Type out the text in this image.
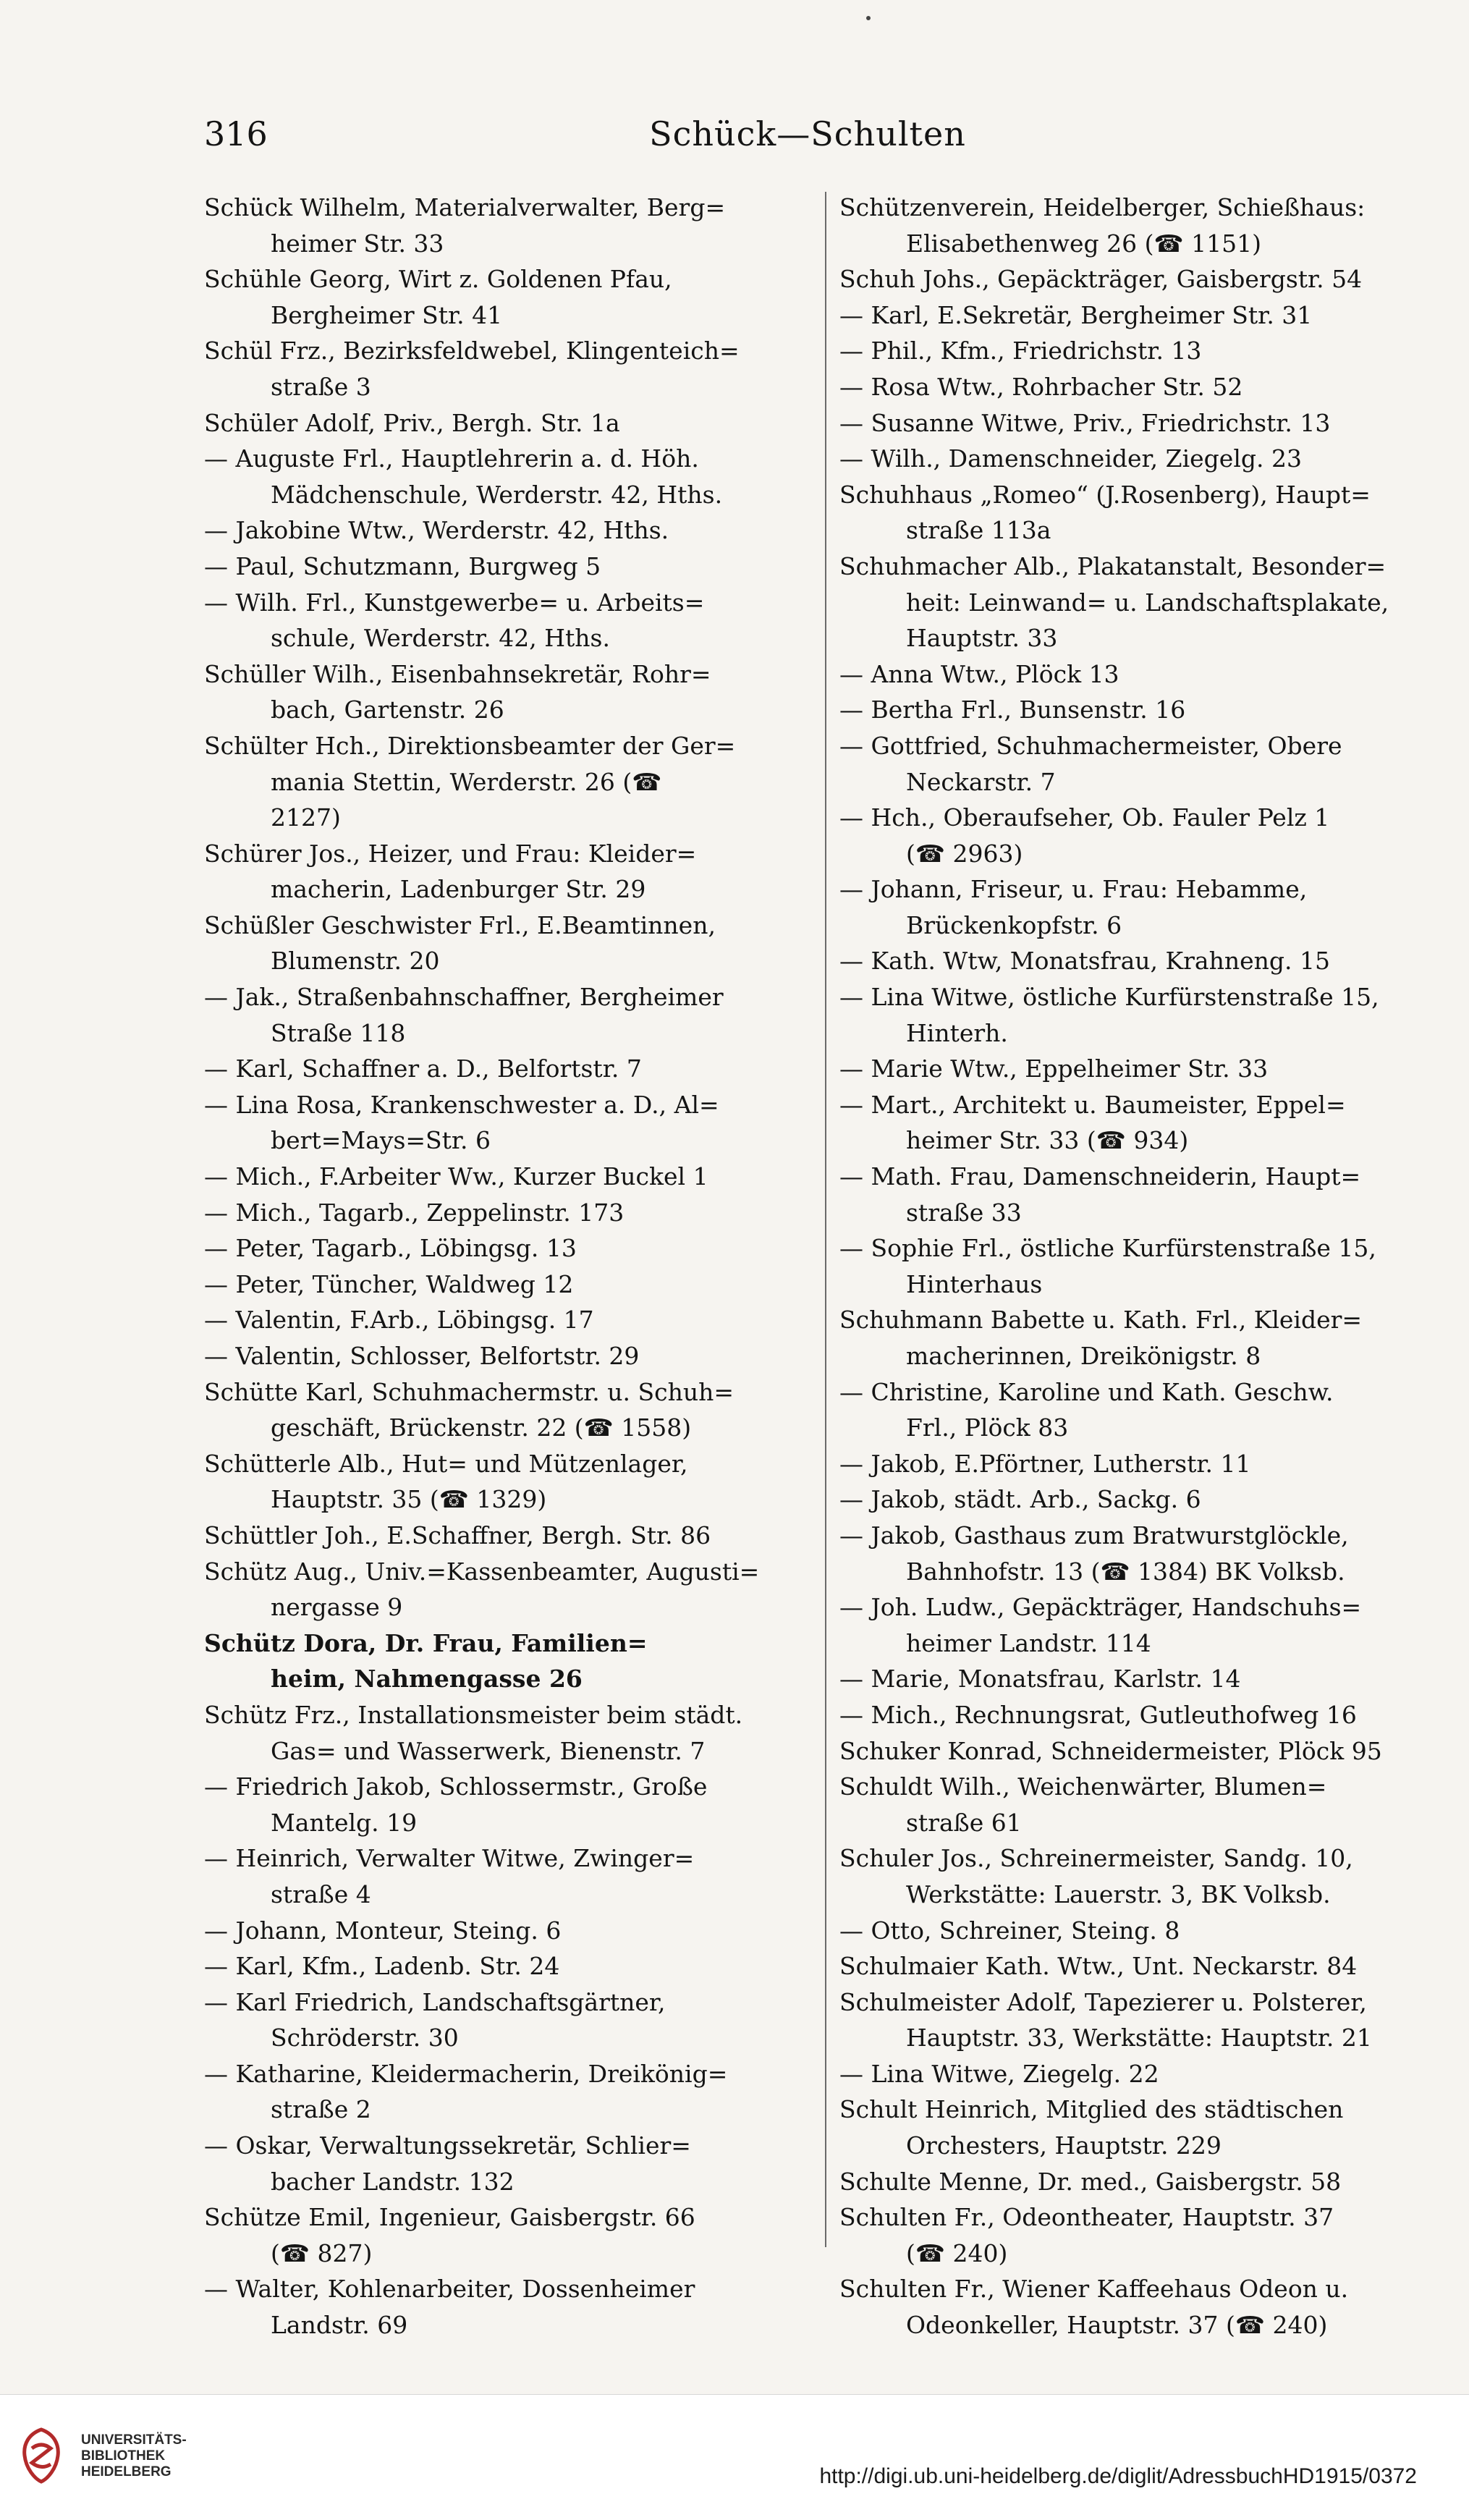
316	Schück—Schulten
Schück Wilhelm, Materialverwalter, Berg=
heimer Str. 33
Schühle Georg, Wirt z. Goldenen Pfau,
Bergheimer Str. 41
Schül Frz., Bezirksfeldwebel, Klingenteich=
straße 3
Schüler Adolf, Priv., Bergh. Str. 1a
— Auguste Frl., Hauptlehrerin a. d. Höh.
Mädchenschule, Werderstr. 42, Hths.
— Jakobine Wtw., Werderstr. 42, Hths.
— Paul, Schutzmann, Burgweg 5
— Wilh. Frl., Kunstgewerbe= u. Arbeits=
schule, Werderstr. 42, Hths.
Schüller Wilh., Eisenbahnsekretär, Rohr=
bach, Gartenstr. 26
Schülter Hch., Direktionsbeamter der Ger=
mania Stettin, Werderstr. 26 (☎
2127)
Schürer Jos., Heizer, und Frau: Kleider=
macherin, Ladenburger Str. 29
Schüßler Geschwister Frl., E.Beamtinnen,
Blumenstr. 20
— Jak., Straßenbahnschaffner, Bergheimer
Straße 118
— Karl, Schaffner a. D., Belfortstr. 7
— Lina Rosa, Krankenschwester a. D., Al=
bert=Mays=Str. 6
— Mich., F.Arbeiter Ww., Kurzer Buckel 1
— Mich., Tagarb., Zeppelinstr. 173
— Peter, Tagarb., Löbingsg. 13
— Peter, Tüncher, Waldweg 12
— Valentin, F.Arb., Löbingsg. 17
— Valentin, Schlosser, Belfortstr. 29
Schütte Karl, Schuhmachermstr. u. Schuh=
geschäft, Brückenstr. 22 (☎ 1558)
Schütterle Alb., Hut= und Mützenlager,
Hauptstr. 35 (☎ 1329)
Schüttler Joh., E.Schaffner, Bergh. Str. 86
Schütz Aug., Univ.=Kassenbeamter, Augusti=
nergasse 9
Schütz Dora, Dr. Frau, Familien=
heim, Nahmengasse 26
Schütz Frz., Installationsmeister beim städt.
Gas= und Wasserwerk, Bienenstr. 7
— Friedrich Jakob, Schlossermstr., Große
Mantelg. 19
— Heinrich, Verwalter Witwe, Zwinger=
straße 4
— Johann, Monteur, Steing. 6
— Karl, Kfm., Ladenb. Str. 24
— Karl Friedrich, Landschaftsgärtner,
Schröderstr. 30
— Katharine, Kleidermacherin, Dreikönig=
straße 2
— Oskar, Verwaltungssekretär, Schlier=
bacher Landstr. 132
Schütze Emil, Ingenieur, Gaisbergstr. 66
(☎ 827)
— Walter, Kohlenarbeiter, Dossenheimer
Landstr. 69
Schützenverein, Heidelberger, Schießhaus:
Elisabethenweg 26 (☎ 1151)
Schuh Johs., Gepäckträger, Gaisbergstr. 54
— Karl, E.Sekretär, Bergheimer Str. 31
— Phil., Kfm., Friedrichstr. 13
— Rosa Wtw., Rohrbacher Str. 52
— Susanne Witwe, Priv., Friedrichstr. 13
— Wilh., Damenschneider, Ziegelg. 23
Schuhhaus „Romeo“ (J.Rosenberg), Haupt=
straße 113a
Schuhmacher Alb., Plakatanstalt, Besonder=
heit: Leinwand= u. Landschaftsplakate,
Hauptstr. 33
— Anna Wtw., Plöck 13
— Bertha Frl., Bunsenstr. 16
— Gottfried, Schuhmachermeister, Obere
Neckarstr. 7
— Hch., Oberaufseher, Ob. Fauler Pelz 1
(☎ 2963)
— Johann, Friseur, u. Frau: Hebamme,
Brückenkopfstr. 6
— Kath. Wtw, Monatsfrau, Krahneng. 15
— Lina Witwe, östliche Kurfürstenstraße 15,
Hinterh.
— Marie Wtw., Eppelheimer Str. 33
— Mart., Architekt u. Baumeister, Eppel=
heimer Str. 33 (☎ 934)
— Math. Frau, Damenschneiderin, Haupt=
straße 33
— Sophie Frl., östliche Kurfürstenstraße 15,
Hinterhaus
Schuhmann Babette u. Kath. Frl., Kleider=
macherinnen, Dreikönigstr. 8
— Christine, Karoline und Kath. Geschw.
Frl., Plöck 83
— Jakob, E.Pförtner, Lutherstr. 11
— Jakob, städt. Arb., Sackg. 6
— Jakob, Gasthaus zum Bratwurstglöckle,
Bahnhofstr. 13 (☎ 1384) BK Volksb.
— Joh. Ludw., Gepäckträger, Handschuhs=
heimer Landstr. 114
— Marie, Monatsfrau, Karlstr. 14
— Mich., Rechnungsrat, Gutleuthofweg 16
Schuker Konrad, Schneidermeister, Plöck 95
Schuldt Wilh., Weichenwärter, Blumen=
straße 61
Schuler Jos., Schreinermeister, Sandg. 10,
Werkstätte: Lauerstr. 3, BK Volksb.
— Otto, Schreiner, Steing. 8
Schulmaier Kath. Wtw., Unt. Neckarstr. 84
Schulmeister Adolf, Tapezierer u. Polsterer,
Hauptstr. 33, Werkstätte: Hauptstr. 21
— Lina Witwe, Ziegelg. 22
Schult Heinrich, Mitglied des städtischen
Orchesters, Hauptstr. 229
Schulte Menne, Dr. med., Gaisbergstr. 58
Schulten Fr., Odeontheater, Hauptstr. 37
(☎ 240)
Schulten Fr., Wiener Kaffeehaus Odeon u.
Odeonkeller, Hauptstr. 37 (☎ 240)
UNIVERSITÄTS-
BIBLIOTHEK
HEIDELBERG	http://digi.ub.uni-heidelberg.de/diglit/AdressbuchHD1915/0372
